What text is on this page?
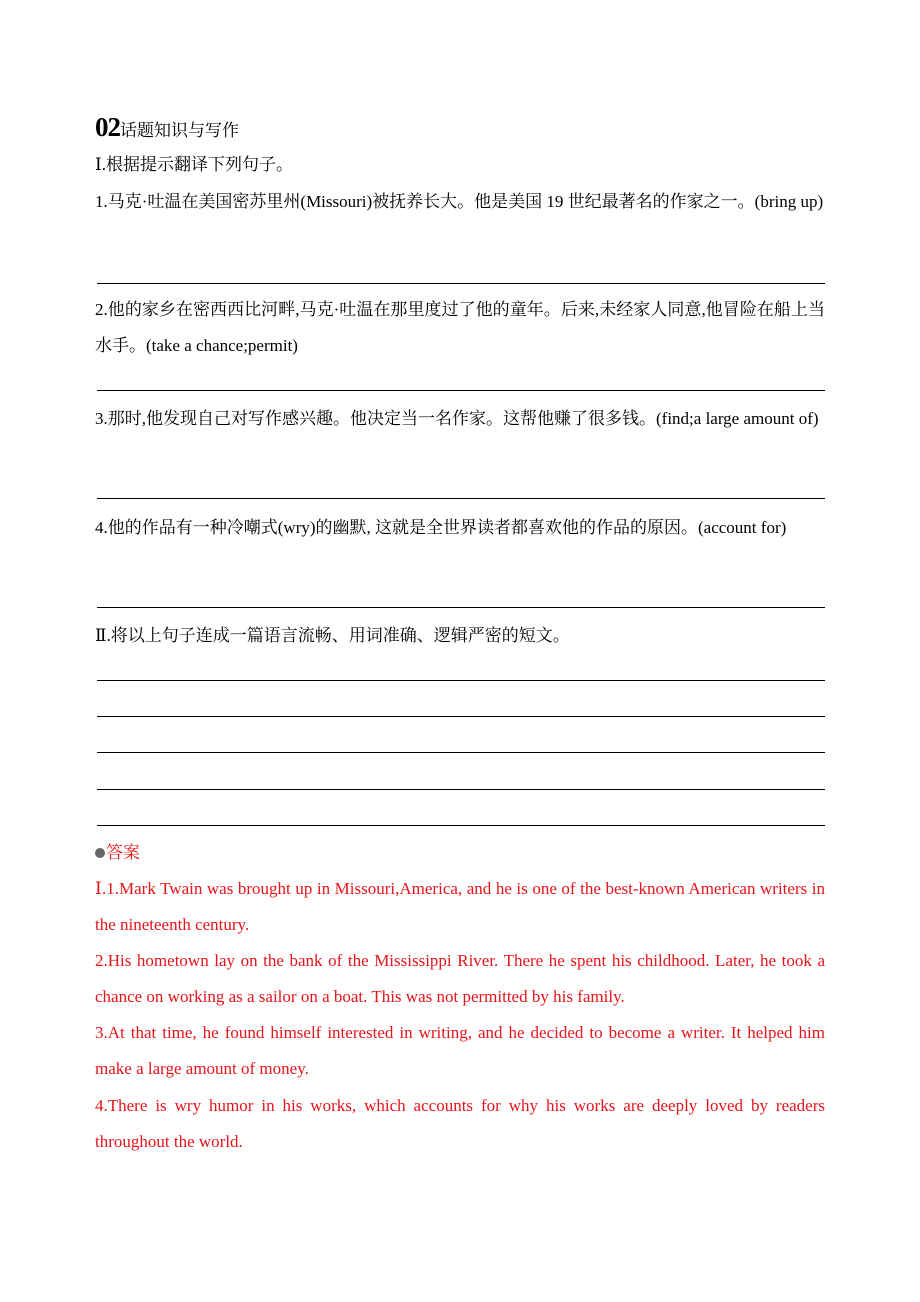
02话题知识与写作
Ⅰ.根据提示翻译下列句子。
1.马克·吐温在美国密苏里州(Missouri)被抚养长大。他是美国 19 世纪最著名的作家之一。(bring up)
2.他的家乡在密西西比河畔,马克·吐温在那里度过了他的童年。后来,未经家人同意,他冒险在船上当水手。(take a chance;permit)
3.那时,他发现自己对写作感兴趣。他决定当一名作家。这帮他赚了很多钱。(find;a large amount of)
4.他的作品有一种冷嘲式(wry)的幽默, 这就是全世界读者都喜欢他的作品的原因。(account for)
Ⅱ.将以上句子连成一篇语言流畅、用词准确、逻辑严密的短文。
答案
Ⅰ.1.Mark Twain was brought up in Missouri,America, and he is one of the best-known American writers in the nineteenth century.
2.His hometown lay on the bank of the Mississippi River. There he spent his childhood. Later, he took a chance on working as a sailor on a boat. This was not permitted by his family.
3.At that time, he found himself interested in writing, and he decided to become a writer. It helped him make a large amount of money.
4.There is wry humor in his works, which accounts for why his works are deeply loved by readers throughout the world.
